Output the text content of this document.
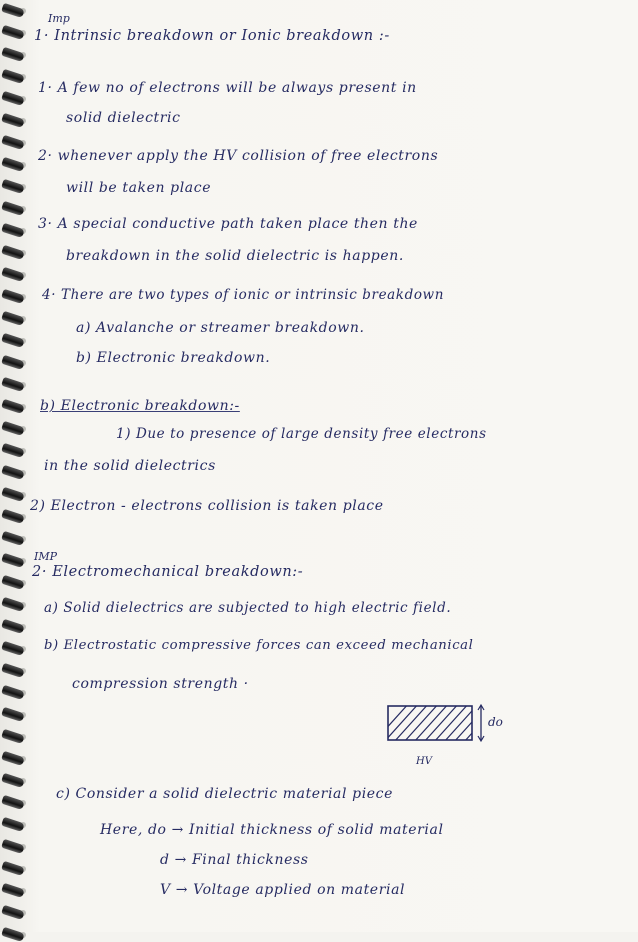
Imp
1· Intrinsic breakdown or Ionic breakdown :-
1· A few no of electrons will be always present in
solid dielectric
2· whenever apply the HV collision of free electrons
will be taken place
3· A special conductive path taken place then the
breakdown in the solid dielectric is happen.
4· There are two types of ionic or intrinsic breakdown
a) Avalanche or streamer breakdown.
b) Electronic breakdown.
b) Electronic breakdown:-
1) Due to presence of large density free electrons
in the solid dielectrics
2) Electron - electrons collision is taken place
IMP
2· Electromechanical breakdown:-
a) Solid dielectrics are subjected to high electric field.
b) Electrostatic compressive forces can exceed mechanical
compression strength ·
do
HV
c) Consider a solid dielectric material piece
Here, do → Initial thickness of solid material
d → Final thickness
V → Voltage applied on material
